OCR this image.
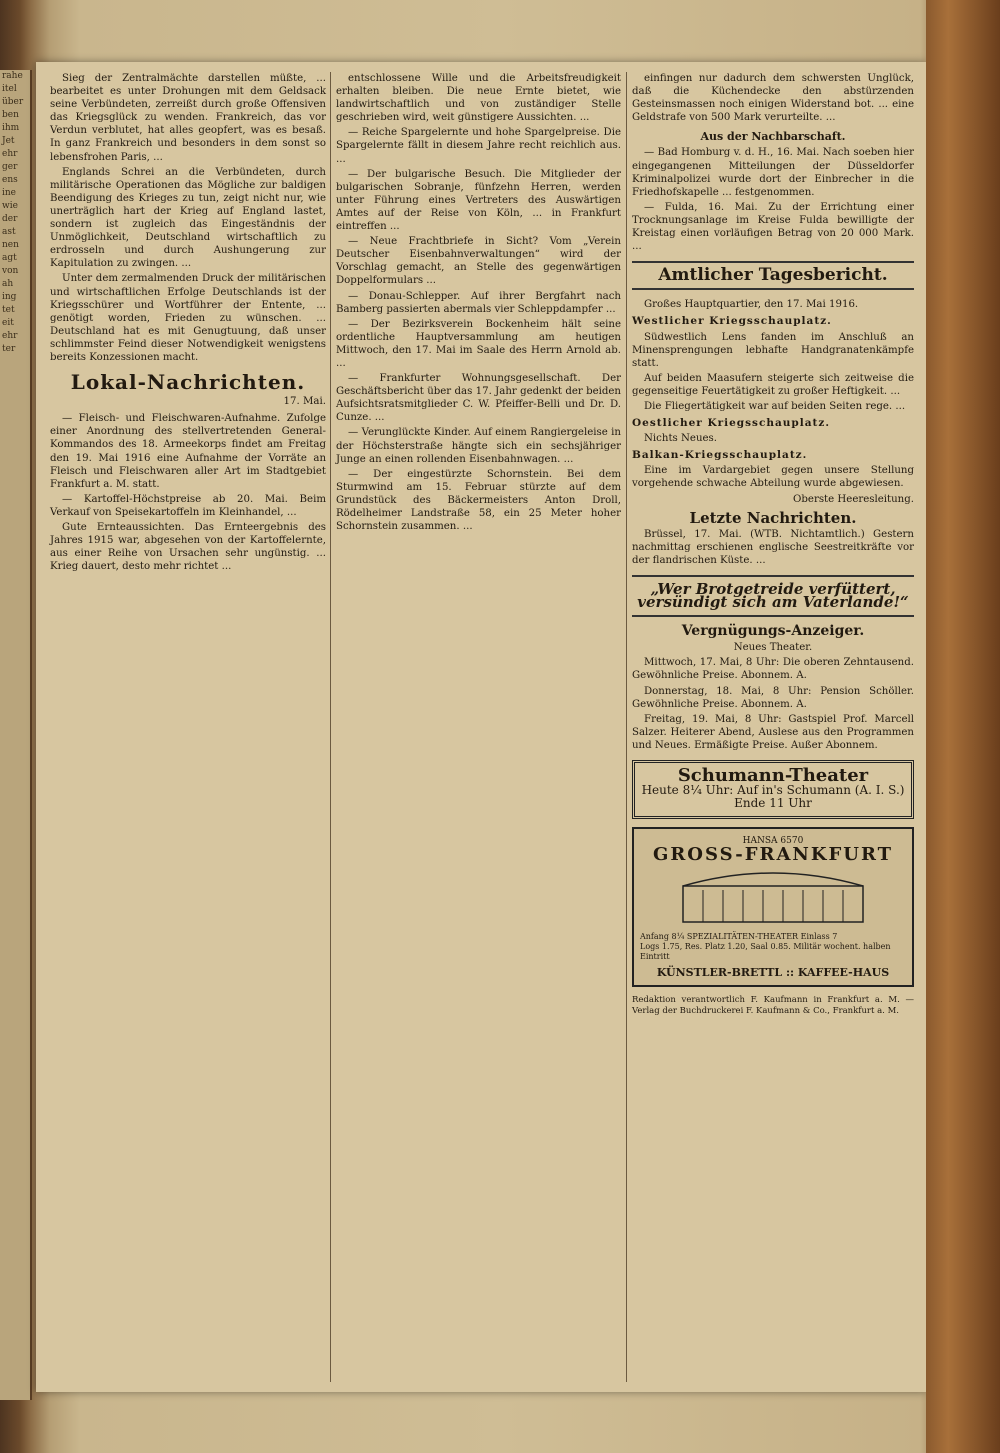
rahe
itel
über
ben
ihm
Jet
ehr
ger
ens
ine
wie
der
ast
nen
agt
von
ah
ing
tet
eit
ehr
ter

Sieg der Zentralmächte darstellen müßte, ... bearbeitet es unter Drohungen mit dem Geldsack seine Verbündeten, zerreißt durch große Offensiven das Kriegsglück zu wenden. Frankreich, das vor Verdun verblutet, hat alles geopfert, was es besaß. In ganz Frankreich und besonders in dem sonst so lebensfrohen Paris, ...

Englands Schrei an die Verbündeten, durch militärische Operationen das Mögliche zur baldigen Beendigung des Krieges zu tun, zeigt nicht nur, wie unerträglich hart der Krieg auf England lastet, sondern ist zugleich das Eingeständnis der Unmöglichkeit, Deutschland wirtschaftlich zu erdrosseln und durch Aushungerung zur Kapitulation zu zwingen. ...

Unter dem zermalmenden Druck der militärischen und wirtschaftlichen Erfolge Deutschlands ist der Kriegsschürer und Wortführer der Entente, ... genötigt worden, Frieden zu wünschen. ... Deutschland hat es mit Genugtuung, daß unser schlimmster Feind dieser Notwendigkeit wenigstens bereits Konzessionen macht.

Lokal-Nachrichten.
17. Mai.

— Fleisch- und Fleischwaren-Aufnahme. Zufolge einer Anordnung des stellvertretenden General-Kommandos des 18. Armeekorps findet am Freitag den 19. Mai 1916 eine Aufnahme der Vorräte an Fleisch und Fleischwaren aller Art im Stadtgebiet Frankfurt a. M. statt.

— Kartoffel-Höchstpreise ab 20. Mai. Beim Verkauf von Speisekartoffeln im Kleinhandel, ...

Gute Ernteaussichten. Das Ernteergebnis des Jahres 1915 war, abgesehen von der Kartoffelernte, aus einer Reihe von Ursachen sehr ungünstig. ... Krieg dauert, desto mehr richtet ...

entschlossene Wille und die Arbeitsfreudigkeit erhalten bleiben. Die neue Ernte bietet, wie landwirtschaftlich und von zuständiger Stelle geschrieben wird, weit günstigere Aussichten. ...

— Reiche Spargelernte und hohe Spargelpreise. Die Spargelernte fällt in diesem Jahre recht reichlich aus. ...

— Der bulgarische Besuch. Die Mitglieder der bulgarischen Sobranje, fünfzehn Herren, werden unter Führung eines Vertreters des Auswärtigen Amtes auf der Reise von Köln, ... in Frankfurt eintreffen ...

— Neue Frachtbriefe in Sicht? Vom „Verein Deutscher Eisenbahnverwaltungen“ wird der Vorschlag gemacht, an Stelle des gegenwärtigen Doppelformulars ...

— Donau-Schlepper. Auf ihrer Bergfahrt nach Bamberg passierten abermals vier Schleppdampfer ...

— Der Bezirksverein Bockenheim hält seine ordentliche Hauptversammlung am heutigen Mittwoch, den 17. Mai im Saale des Herrn Arnold ab. ...

— Frankfurter Wohnungsgesellschaft. Der Geschäftsbericht über das 17. Jahr gedenkt der beiden Aufsichtsratsmitglieder C. W. Pfeiffer-Belli und Dr. D. Cunze. ...

— Verunglückte Kinder. Auf einem Rangiergeleise in der Höchsterstraße hängte sich ein sechsjähriger Junge an einen rollenden Eisenbahnwagen. ...

— Der eingestürzte Schornstein. Bei dem Sturmwind am 15. Februar stürzte auf dem Grundstück des Bäckermeisters Anton Droll, Rödelheimer Landstraße 58, ein 25 Meter hoher Schornstein zusammen. ...

einfingen nur dadurch dem schwersten Unglück, daß die Küchendecke den abstürzenden Gesteinsmassen noch einigen Widerstand bot. ... eine Geldstrafe von 500 Mark verurteilte. ...

Aus der Nachbarschaft.

— Bad Homburg v. d. H., 16. Mai. Nach soeben hier eingegangenen Mitteilungen der Düsseldorfer Kriminalpolizei wurde dort der Einbrecher in die Friedhofskapelle ... festgenommen.

— Fulda, 16. Mai. Zu der Errichtung einer Trocknungsanlage im Kreise Fulda bewilligte der Kreistag einen vorläufigen Betrag von 20 000 Mark. ...

Amtlicher Tagesbericht.

Großes Hauptquartier, den 17. Mai 1916.

Westlicher Kriegsschauplatz.

Südwestlich Lens fanden im Anschluß an Minensprengungen lebhafte Handgranatenkämpfe statt.

Auf beiden Maasufern steigerte sich zeitweise die gegenseitige Feuertätigkeit zu großer Heftigkeit. ...

Die Fliegertätigkeit war auf beiden Seiten rege. ...

Oestlicher Kriegsschauplatz.

Nichts Neues.

Balkan-Kriegsschauplatz.

Eine im Vardargebiet gegen unsere Stellung vorgehende schwache Abteilung wurde abgewiesen.

Oberste Heeresleitung.

Letzte Nachrichten.

Brüssel, 17. Mai. (WTB. Nichtamtlich.) Gestern nachmittag erschienen englische Seestreitkräfte vor der flandrischen Küste. ...

„Wer Brotgetreide verfüttert, versündigt sich am Vaterlande!“
Vergnügungs-Anzeiger.

Neues Theater.

Mittwoch, 17. Mai, 8 Uhr: Die oberen Zehntausend. Gewöhnliche Preise. Abonnem. A.

Donnerstag, 18. Mai, 8 Uhr: Pension Schöller. Gewöhnliche Preise. Abonnem. A.

Freitag, 19. Mai, 8 Uhr: Gastspiel Prof. Marcell Salzer. Heiterer Abend, Auslese aus den Programmen und Neues. Ermäßigte Preise. Außer Abonnem.

Schumann-Theater
Heute 8¼ Uhr: Auf in's Schumann (A. I. S.) Ende 11 Uhr
HANSA 6570
GROSS-FRANKFURT
Anfang 8¼ SPEZIALITÄTEN-THEATER Einlass 7
Logs 1.75, Res. Platz 1.20, Saal 0.85. Militär wochent. halben Eintritt
KÜNSTLER-BRETTL :: KAFFEE-HAUS
Redaktion verantwortlich F. Kaufmann in Frankfurt a. M. — Verlag der Buchdruckerei F. Kaufmann & Co., Frankfurt a. M.
